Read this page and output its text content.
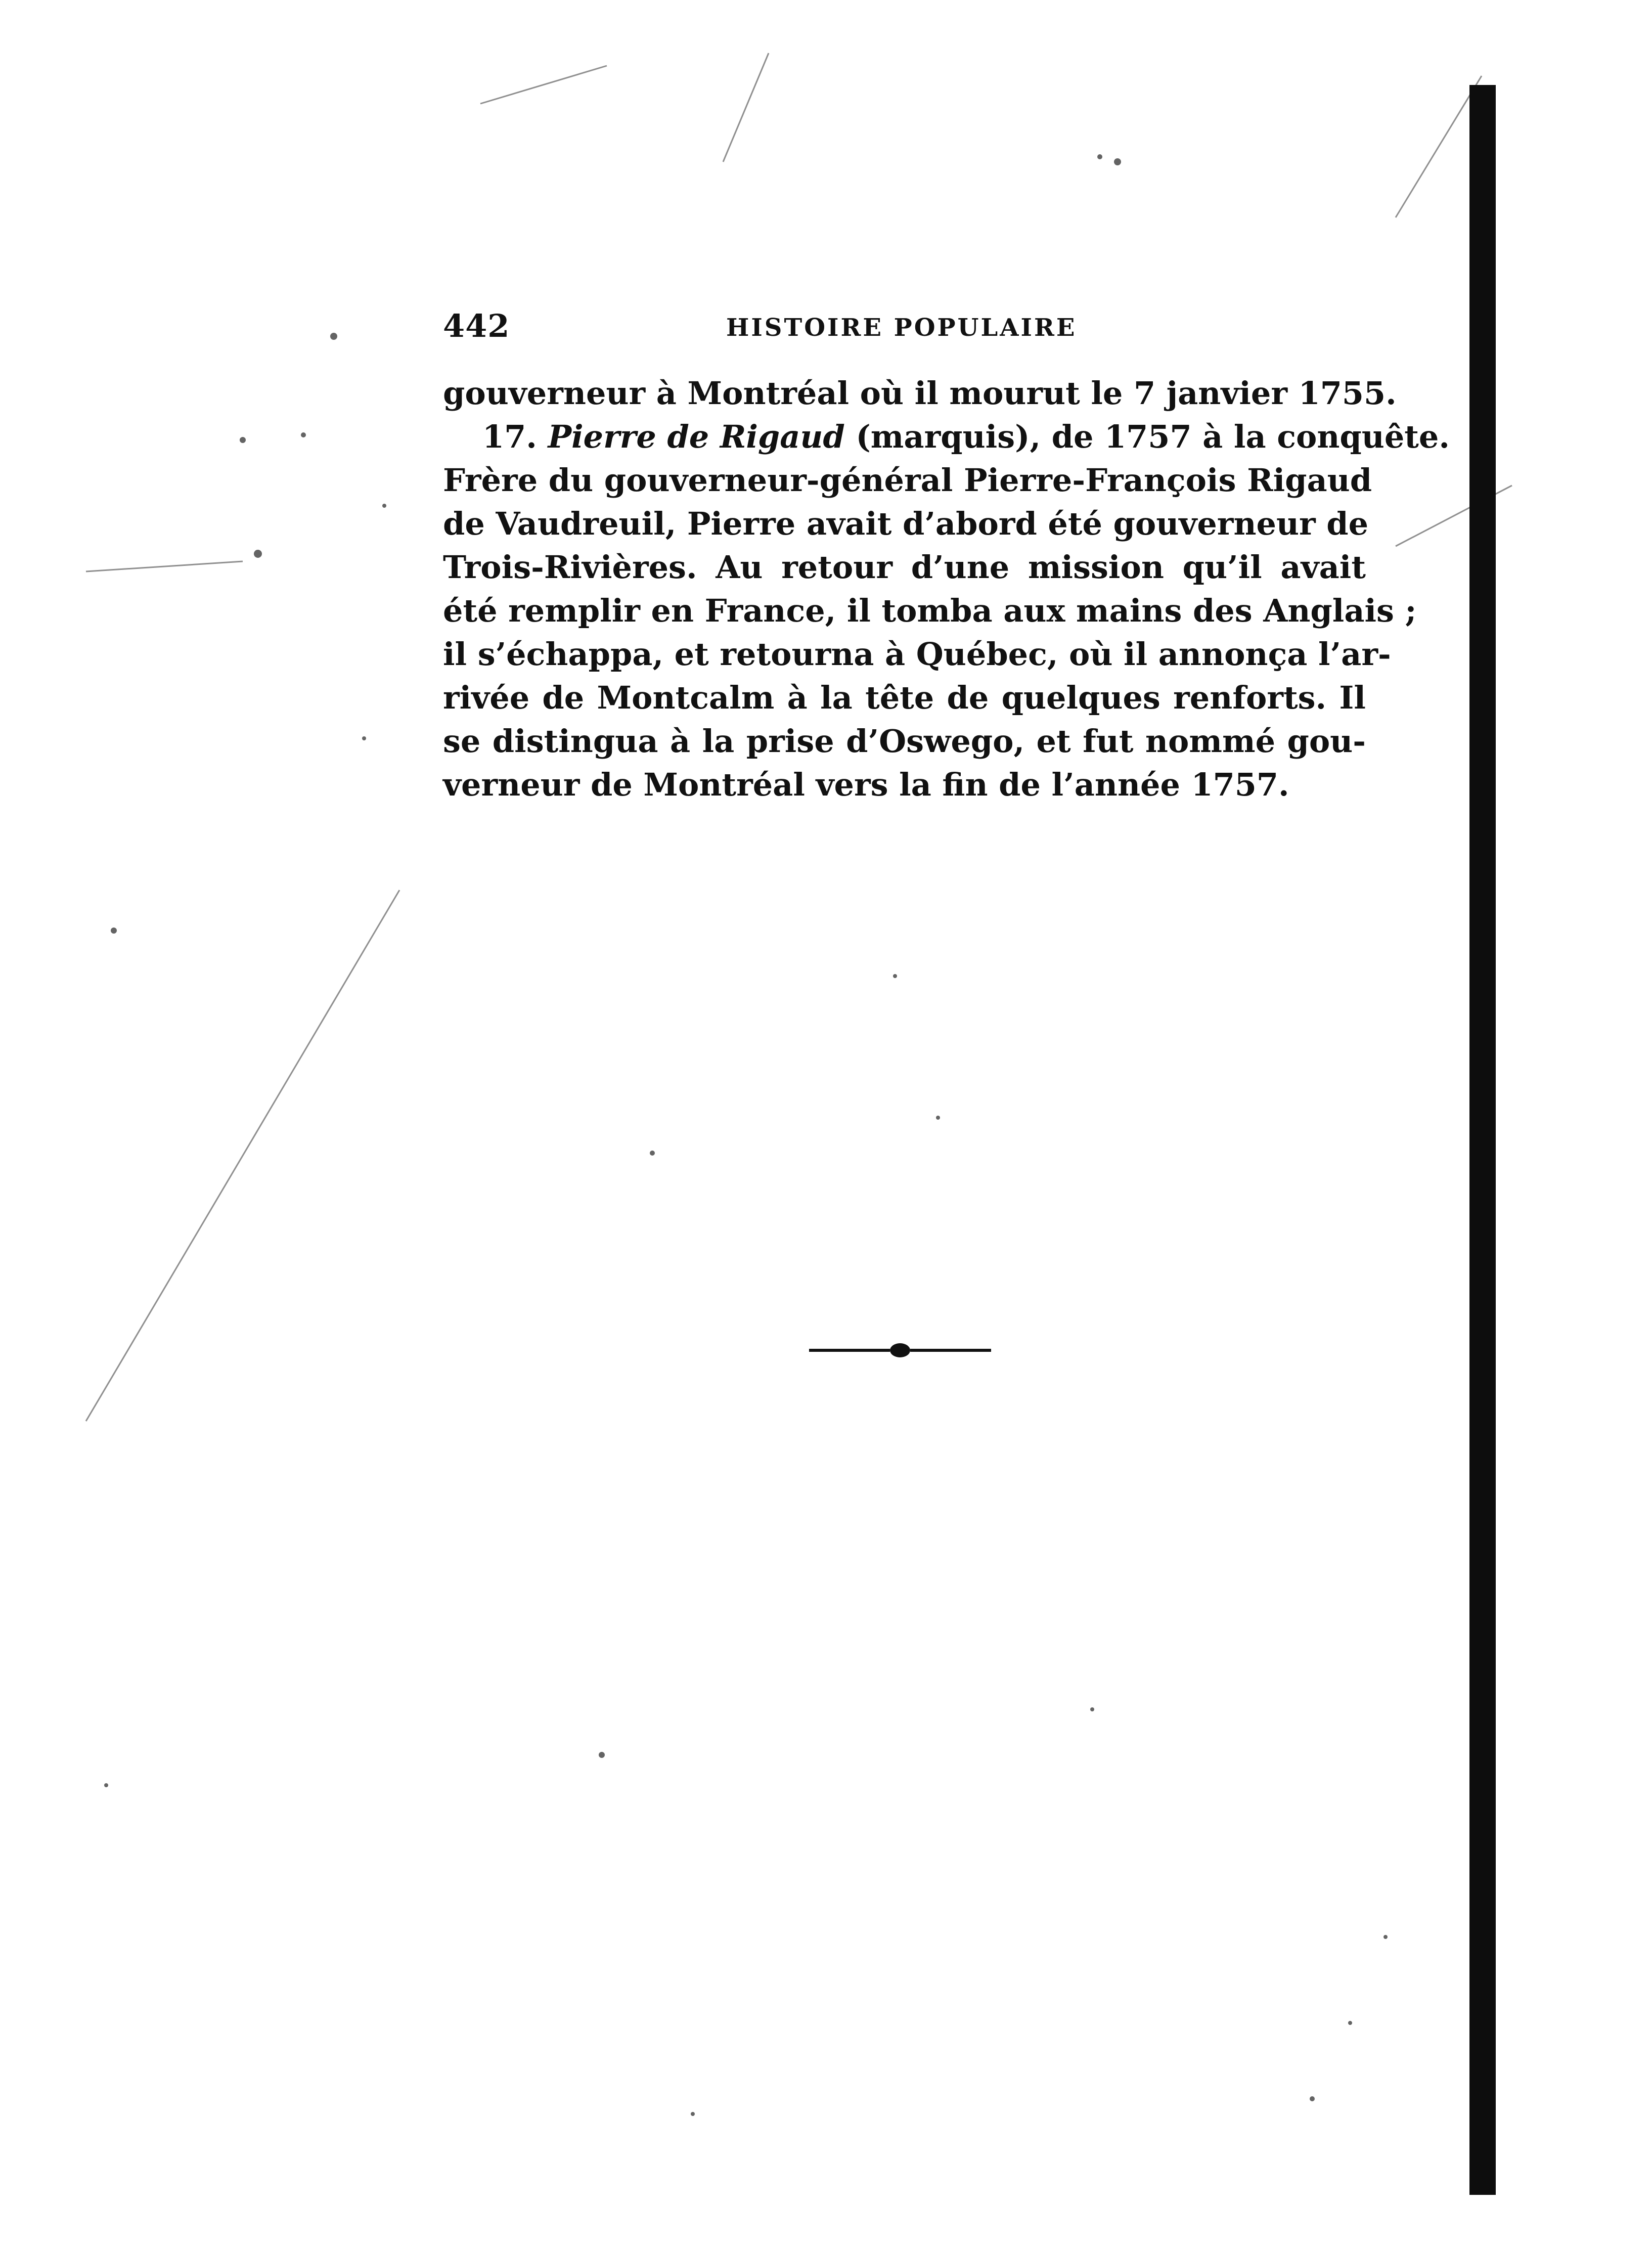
442	HISTOIRE POPULAIRE
gouverneur à Montréal où il mourut le 7 janvier 1755.
17. Pierre de Rigaud (marquis), de 1757 à la conquête.
Frère du gouverneur-général Pierre-François Rigaud
de Vaudreuil, Pierre avait d’abord été gouverneur de
Trois-Rivières. Au retour d’une mission qu’il avait
été remplir en France, il tomba aux mains des Anglais ;
il s’échappa, et retourna à Québec, où il annonça l’ar-
rivée de Montcalm à la tête de quelques renforts. Il
se distingua à la prise d’Oswego, et fut nommé gou-
verneur de Montréal vers la fin de l’année 1757.
